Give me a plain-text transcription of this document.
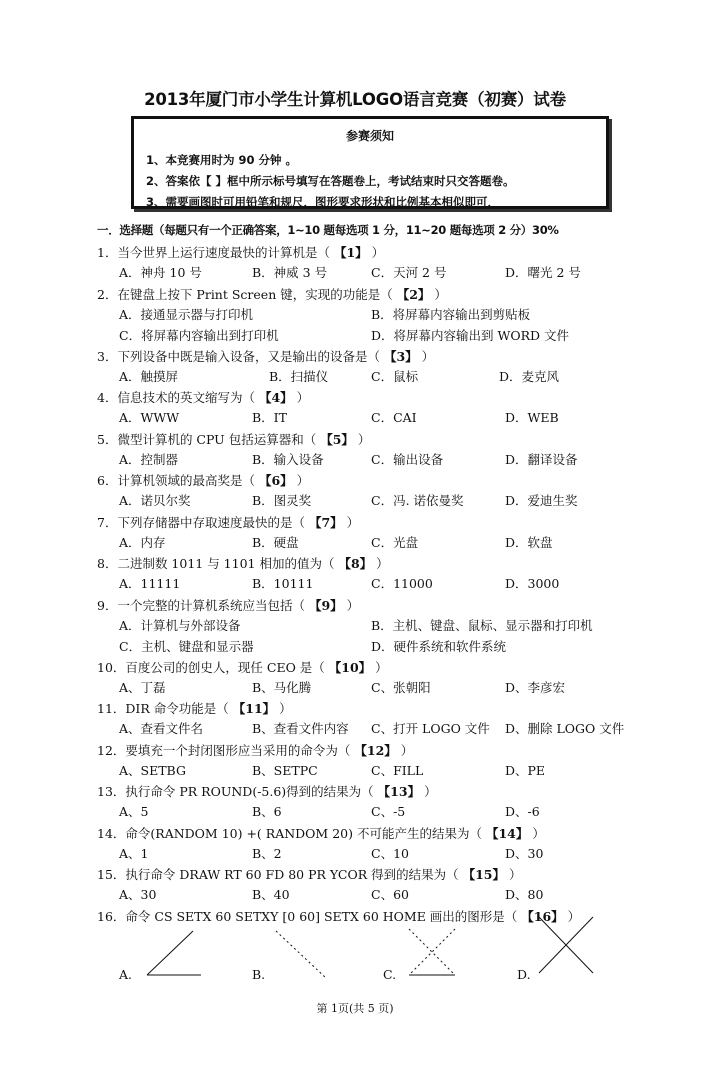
2013年厦门市小学生计算机LOGO语言竞赛（初赛）试卷
参赛须知
1、本竞赛用时为 90 分钟 。
2、答案依【 】框中所示标号填写在答题卷上，考试结束时只交答题卷。
3、需要画图时可用铅笔和规尺．图形要求形状和比例基本相似即可．
一．选择题（每题只有一个正确答案，1~10 题每选项 1 分，11~20 题每选项 2 分）30%
1．当今世界上运行速度最快的计算机是（ 【1】 ）
A．神舟 10 号	B．神威 3 号	C．天河 2 号	D．曙光 2 号
2．在键盘上按下 Print Screen 键，实现的功能是（ 【2】 ）
A．接通显示器与打印机	B．将屏幕内容输出到剪贴板
C．将屏幕内容输出到打印机	D．将屏幕内容输出到 WORD 文件
3．下列设备中既是输入设备，又是输出的设备是（ 【3】 ）
A．触摸屏	B．扫描仪	C．鼠标	D．麦克风
4．信息技术的英文缩写为（ 【4】 ）
A．WWW	B．IT	C．CAI	D．WEB
5．微型计算机的 CPU 包括运算器和（ 【5】 ）
A．控制器	B．输入设备	C．输出设备	D．翻译设备
6．计算机领域的最高奖是（ 【6】 ）
A．诺贝尔奖	B．图灵奖	C．冯. 诺依曼奖	D．爱迪生奖
7．下列存储器中存取速度最快的是（ 【7】 ）
A．内存	B．硬盘	C．光盘	D．软盘
8．二进制数 1011 与 1101 相加的值为（ 【8】 ）
A．11111	B．10111	C．11000	D．3000
9．一个完整的计算机系统应当包括（ 【9】 ）
A．计算机与外部设备	B．主机、键盘、鼠标、显示器和打印机
C．主机、键盘和显示器	D．硬件系统和软件系统
10．百度公司的创史人，现任 CEO 是（ 【10】 ）
A、丁磊	B、马化腾	C、张朝阳	D、李彦宏
11．DIR 命令功能是（ 【11】 ）
A、查看文件名	B、查看文件内容 C、打开 LOGO 文件 D、删除 LOGO 文件
12．要填充一个封闭图形应当采用的命令为（ 【12】 ）
A、SETBG	B、SETPC	C、FILL	D、PE
13．执行命令 PR ROUND(-5.6)得到的结果为（ 【13】 ）
A、5	B、6	C、-5	D、-6
14．命令(RANDOM 10) +( RANDOM 20) 不可能产生的结果为（ 【14】 ）
A、1	B、2	C、10	D、30
15．执行命令 DRAW RT 60 FD 80 PR YCOR 得到的结果为（ 【15】 ）
A、30	B、40	C、60	D、80
16．命令 CS SETX 60 SETXY [0 60] SETX 60 HOME 画出的图形是（ 【16】 ）
A.	B.	C.	D.
第 1页(共 5 页)
